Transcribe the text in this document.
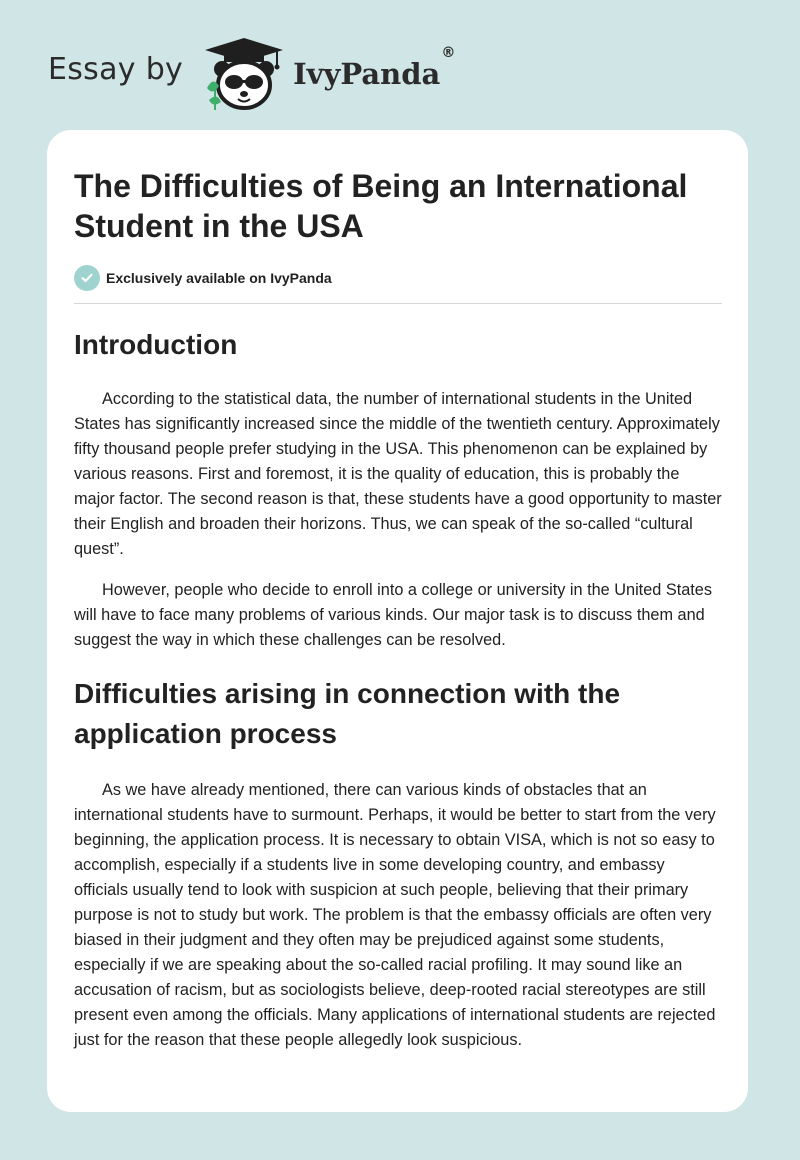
Essay by	IvyPanda®
The Difficulties of Being an International Student in the USA
Exclusively available on IvyPanda
Introduction

According to the statistical data, the number of international students in the United States has significantly increased since the middle of the twentieth century. Approximately fifty thousand people prefer studying in the USA. This phenomenon can be explained by various reasons. First and foremost, it is the quality of education, this is probably the major factor. The second reason is that, these students have a good opportunity to master their English and broaden their horizons. Thus, we can speak of the so-called “cultural quest”.

However, people who decide to enroll into a college or university in the United States will have to face many problems of various kinds. Our major task is to discuss them and suggest the way in which these challenges can be resolved.

Difficulties arising in connection with the application process

As we have already mentioned, there can various kinds of obstacles that an international students have to surmount. Perhaps, it would be better to start from the very beginning, the application process. It is necessary to obtain VISA, which is not so easy to accomplish, especially if a students live in some developing country, and embassy officials usually tend to look with suspicion at such people, believing that their primary purpose is not to study but work. The problem is that the embassy officials are often very biased in their judgment and they often may be prejudiced against some students, especially if we are speaking about the so-called racial profiling. It may sound like an accusation of racism, but as sociologists believe, deep-rooted racial stereotypes are still present even among the officials. Many applications of international students are rejected just for the reason that these people allegedly look suspicious.
